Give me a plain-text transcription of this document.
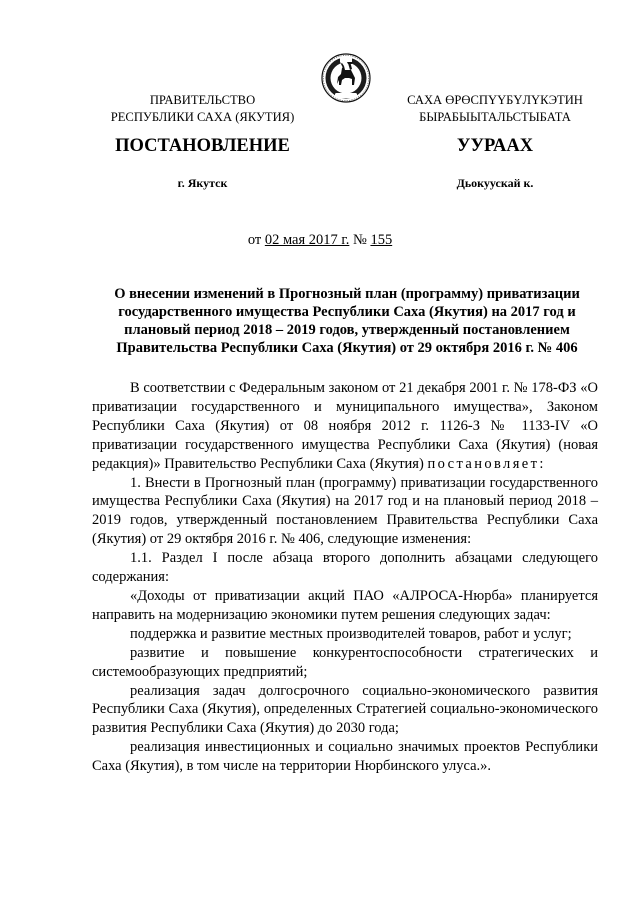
ПРАВИТЕЛЬСТВО
РЕСПУБЛИКИ САХА (ЯКУТИЯ)
САХА ӨРӨСПҮҮБҮЛҮКЭТИН
БЫРАБЫЫТАЛЬСТЫБАТА
ПОСТАНОВЛЕНИЕ	УУРААХ
г. Якутск	Дьокуускай к.
от 02 мая 2017 г. № 155
О внесении изменений в Прогнозный план (программу) приватизации государственного имущества Республики Саха (Якутия) на 2017 год и плановый период 2018 – 2019 годов, утвержденный постановлением Правительства Республики Саха (Якутия) от 29 октября 2016 г. № 406

В соответствии с Федеральным законом от 21 декабря 2001 г. № 178-ФЗ «О приватизации государственного и муниципального имущества», Законом Республики Саха (Якутия) от 08 ноября 2012 г. 1126-З № 1133-IV «О приватизации государственного имущества Республики Саха (Якутия) (новая редакция)» Правительство Республики Саха (Якутия) постановляет:

1. Внести в Прогнозный план (программу) приватизации государственного имущества Республики Саха (Якутия) на 2017 год и на плановый период 2018 – 2019 годов, утвержденный постановлением Правительства Республики Саха (Якутия) от 29 октября 2016 г. № 406, следующие изменения:

1.1. Раздел I после абзаца второго дополнить абзацами следующего содержания:

«Доходы от приватизации акций ПАО «АЛРОСА-Нюрба» планируется направить на модернизацию экономики путем решения следующих задач:

поддержка и развитие местных производителей товаров, работ и услуг;

развитие и повышение конкурентоспособности стратегических и системообразующих предприятий;

реализация задач долгосрочного социально-экономического развития Республики Саха (Якутия), определенных Стратегией социально-экономического развития Республики Саха (Якутия) до 2030 года;

реализация инвестиционных и социально значимых проектов Республики Саха (Якутия), в том числе на территории Нюрбинского улуса.».
